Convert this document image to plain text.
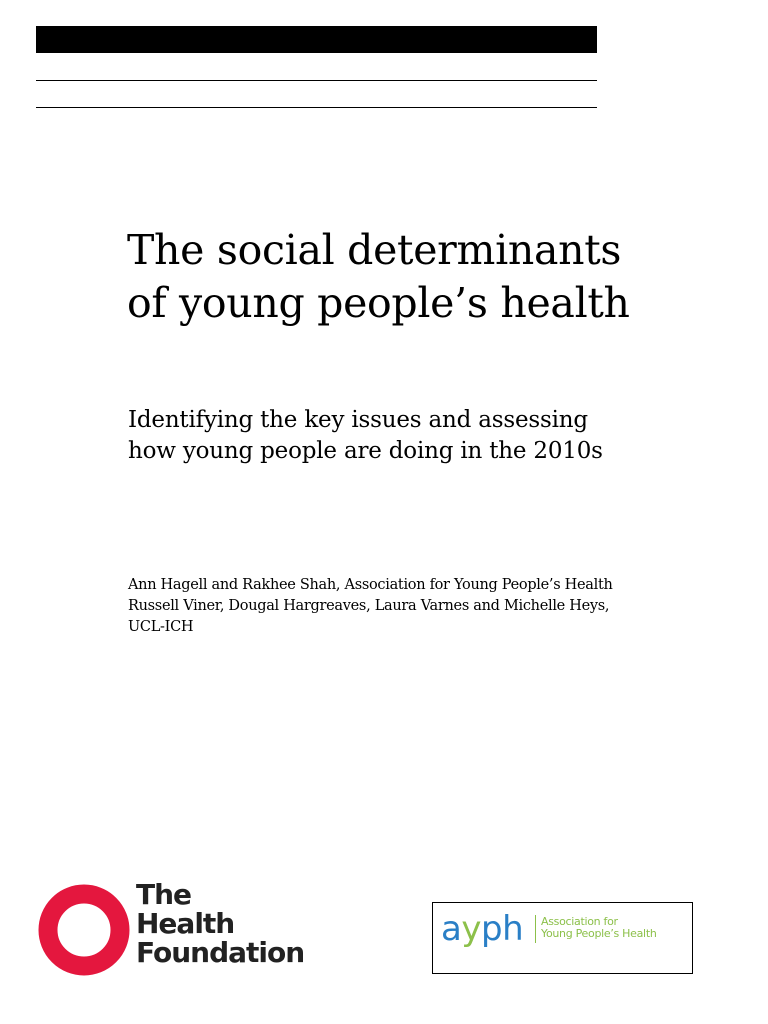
The social determinants
of young people’s health
Identifying the key issues and assessing
how young people are doing in the 2010s

Ann Hagell and Rakhee Shah, Association for Young People’s Health
Russell Viner, Dougal Hargreaves, Laura Varnes and Michelle Heys,
UCL-ICH

The
Health
Foundation
ayph Association for
Young People’s Health
